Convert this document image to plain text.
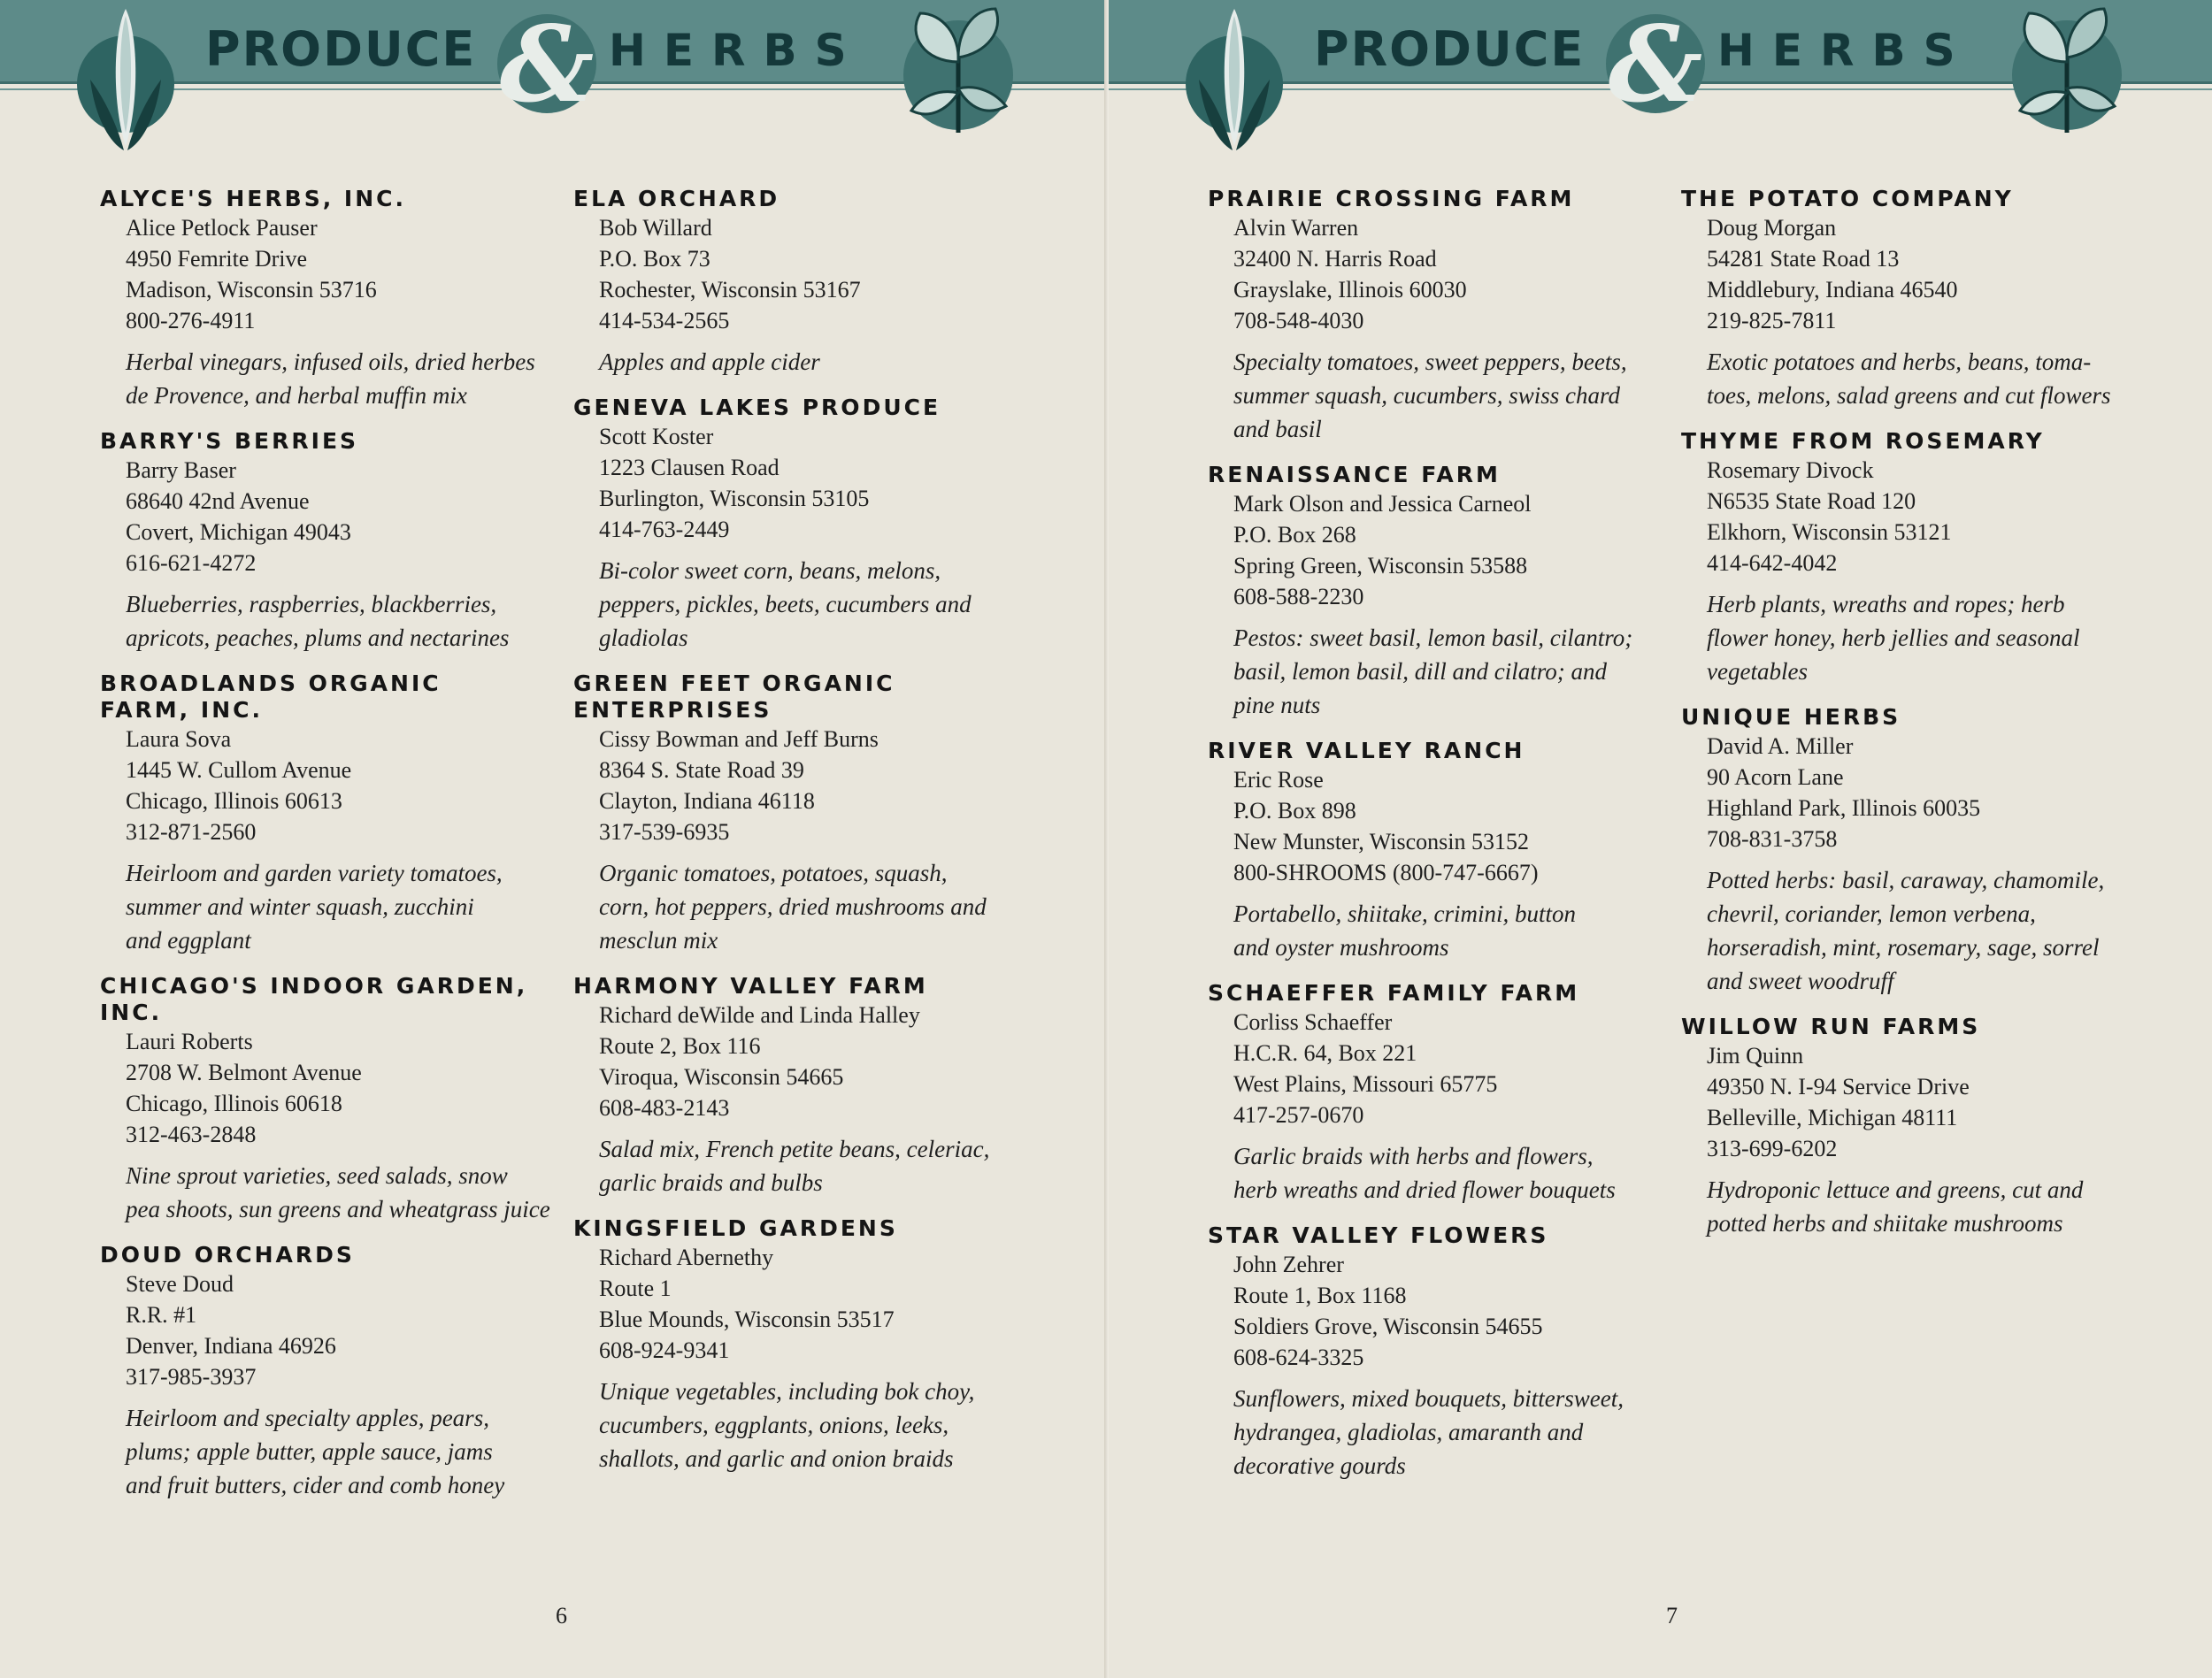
PRODUCE & HERBS
ALYCE'S HERBS, INC.
Alice Petlock Pauser
4950 Femrite Drive
Madison, Wisconsin 53716
800-276-4911
Herbal vinegars, infused oils, dried herbes
de Provence, and herbal muffin mix
BARRY'S BERRIES
Barry Baser
68640 42nd Avenue
Covert, Michigan 49043
616-621-4272
Blueberries, raspberries, blackberries,
apricots, peaches, plums and nectarines
BROADLANDS ORGANIC FARM, INC.
Laura Sova
1445 W. Cullom Avenue
Chicago, Illinois 60613
312-871-2560
Heirloom and garden variety tomatoes,
summer and winter squash, zucchini
and eggplant
CHICAGO'S INDOOR GARDEN, INC.
Lauri Roberts
2708 W. Belmont Avenue
Chicago, Illinois 60618
312-463-2848
Nine sprout varieties, seed salads, snow
pea shoots, sun greens and wheatgrass juice
DOUD ORCHARDS
Steve Doud
R.R. #1
Denver, Indiana 46926
317-985-3937
Heirloom and specialty apples, pears,
plums; apple butter, apple sauce, jams
and fruit butters, cider and comb honey
ELA ORCHARD
Bob Willard
P.O. Box 73
Rochester, Wisconsin 53167
414-534-2565
Apples and apple cider
GENEVA LAKES PRODUCE
Scott Koster
1223 Clausen Road
Burlington, Wisconsin 53105
414-763-2449
Bi-color sweet corn, beans, melons,
peppers, pickles, beets, cucumbers and
gladiolas
GREEN FEET ORGANIC ENTERPRISES
Cissy Bowman and Jeff Burns
8364 S. State Road 39
Clayton, Indiana 46118
317-539-6935
Organic tomatoes, potatoes, squash,
corn, hot peppers, dried mushrooms and
mesclun mix
HARMONY VALLEY FARM
Richard deWilde and Linda Halley
Route 2, Box 116
Viroqua, Wisconsin 54665
608-483-2143
Salad mix, French petite beans, celeriac,
garlic braids and bulbs
KINGSFIELD GARDENS
Richard Abernethy
Route 1
Blue Mounds, Wisconsin 53517
608-924-9341
Unique vegetables, including bok choy,
cucumbers, eggplants, onions, leeks,
shallots, and garlic and onion braids
6
PRODUCE & HERBS
PRAIRIE CROSSING FARM
Alvin Warren
32400 N. Harris Road
Grayslake, Illinois 60030
708-548-4030
Specialty tomatoes, sweet peppers, beets,
summer squash, cucumbers, swiss chard
and basil
RENAISSANCE FARM
Mark Olson and Jessica Carneol
P.O. Box 268
Spring Green, Wisconsin 53588
608-588-2230
Pestos: sweet basil, lemon basil, cilantro;
basil, lemon basil, dill and cilatro; and
pine nuts
RIVER VALLEY RANCH
Eric Rose
P.O. Box 898
New Munster, Wisconsin 53152
800-SHROOMS (800-747-6667)
Portabello, shiitake, crimini, button
and oyster mushrooms
SCHAEFFER FAMILY FARM
Corliss Schaeffer
H.C.R. 64, Box 221
West Plains, Missouri 65775
417-257-0670
Garlic braids with herbs and flowers,
herb wreaths and dried flower bouquets
STAR VALLEY FLOWERS
John Zehrer
Route 1, Box 1168
Soldiers Grove, Wisconsin 54655
608-624-3325
Sunflowers, mixed bouquets, bittersweet,
hydrangea, gladiolas, amaranth and
decorative gourds
THE POTATO COMPANY
Doug Morgan
54281 State Road 13
Middlebury, Indiana 46540
219-825-7811
Exotic potatoes and herbs, beans, toma-
toes, melons, salad greens and cut flowers
THYME FROM ROSEMARY
Rosemary Divock
N6535 State Road 120
Elkhorn, Wisconsin 53121
414-642-4042
Herb plants, wreaths and ropes; herb
flower honey, herb jellies and seasonal
vegetables
UNIQUE HERBS
David A. Miller
90 Acorn Lane
Highland Park, Illinois 60035
708-831-3758
Potted herbs: basil, caraway, chamomile,
chevril, coriander, lemon verbena,
horseradish, mint, rosemary, sage, sorrel
and sweet woodruff
WILLOW RUN FARMS
Jim Quinn
49350 N. I-94 Service Drive
Belleville, Michigan 48111
313-699-6202
Hydroponic lettuce and greens, cut and
potted herbs and shiitake mushrooms
7
